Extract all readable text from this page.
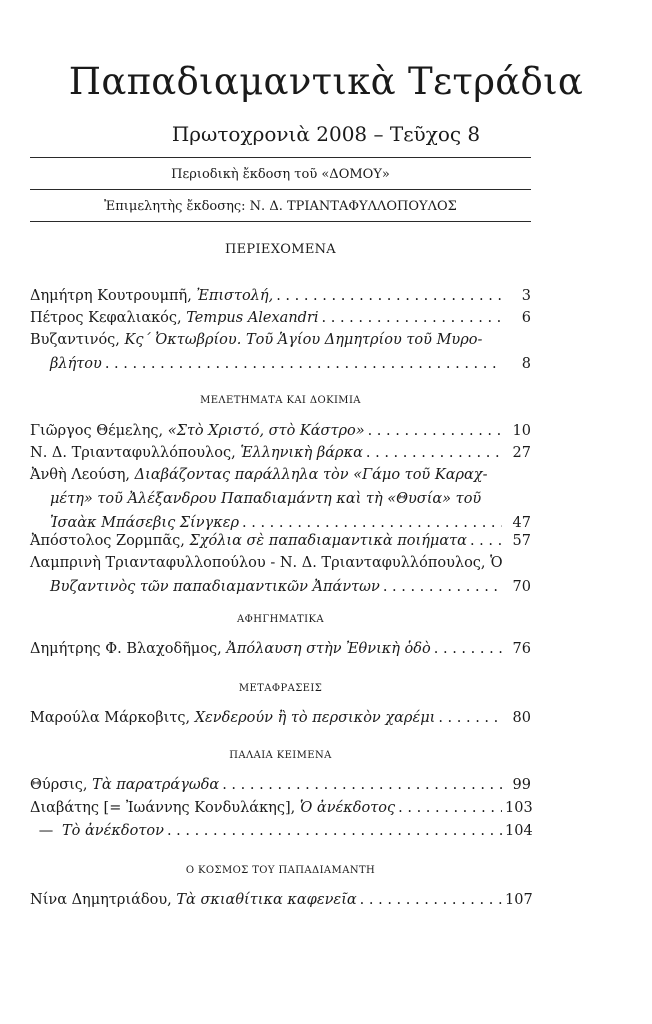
Παπαδιαμαντικὰ Τετράδια
Πρωτοχρονιὰ 2008 – Τεῦχος 8
Περιοδικὴ ἔκδοση τοῦ «ΔΟΜΟΥ»
Ἐπιμελητὴς ἔκδοσης: Ν. Δ. ΤΡΙΑΝΤΑΦΥΛΛΟΠΟΥΛΟΣ
ΠΕΡΙΕΧΟΜΕΝΑ
Δημήτρη Κουτρουμπῆ, Ἐπιστολή, . . .	3
Πέτρος Κεφαλιακός, Tempus Alexandri . . .	6
Βυζαντινός, Κς΄ Ὀκτωβρίου. Τοῦ Ἁγίου Δημητρίου τοῦ Μυρο-
βλήτου . . .	8
ΜΕΛΕΤΗΜΑΤΑ ΚΑΙ ΔΟΚΙΜΙΑ
Γιῶργος Θέμελης, «Στὸ Χριστό, στὸ Κάστρο» . . .	10
Ν. Δ. Τριανταφυλλόπουλος, Ἑλληνικὴ βάρκα . . .	27
Ἀνθὴ Λεούση, Διαβάζοντας παράλληλα τὸν «Γάμο τοῦ Καραχ-
μέτη» τοῦ Ἀλέξανδρου Παπαδιαμάντη καὶ τὴ «Θυσία» τοῦ
Ἰσαὰκ Μπάσεβις Σίνγκερ . . .	47
Ἀπόστολος Ζορμπᾶς, Σχόλια σὲ παπαδιαμαντικὰ ποιήματα . . .	57
Λαμπρινὴ Τριανταφυλλοπούλου - Ν. Δ. Τριανταφυλλόπουλος, Ὁ
Βυζαντινὸς τῶν παπαδιαμαντικῶν Ἀπάντων . . .	70
ΑΦΗΓΗΜΑΤΙΚΑ
Δημήτρης Φ. Βλαχοδῆμος, Ἀπόλαυση στὴν Ἐθνικὴ ὁδὸ . . .	76
ΜΕΤΑΦΡΑΣΕΙΣ
Μαρούλα Μάρκοβιτς, Χενδερούν ἢ τὸ περσικὸν χαρέμι . . .	80
ΠΑΛΑΙΑ ΚΕΙΜΕΝΑ
Θύρσις, Τὰ παρατράγωδα . . .	99
Διαβάτης [= Ἰωάννης Κονδυλάκης], Ὁ ἀνέκδοτος . . .	103
— Τὸ ἀνέκδοτον . . .	104
Ο ΚΟΣΜΟΣ ΤΟΥ ΠΑΠΑΔΙΑΜΑΝΤΗ
Νίνα Δημητριάδου, Τὰ σκιαθίτικα καφενεῖα . . .	107
